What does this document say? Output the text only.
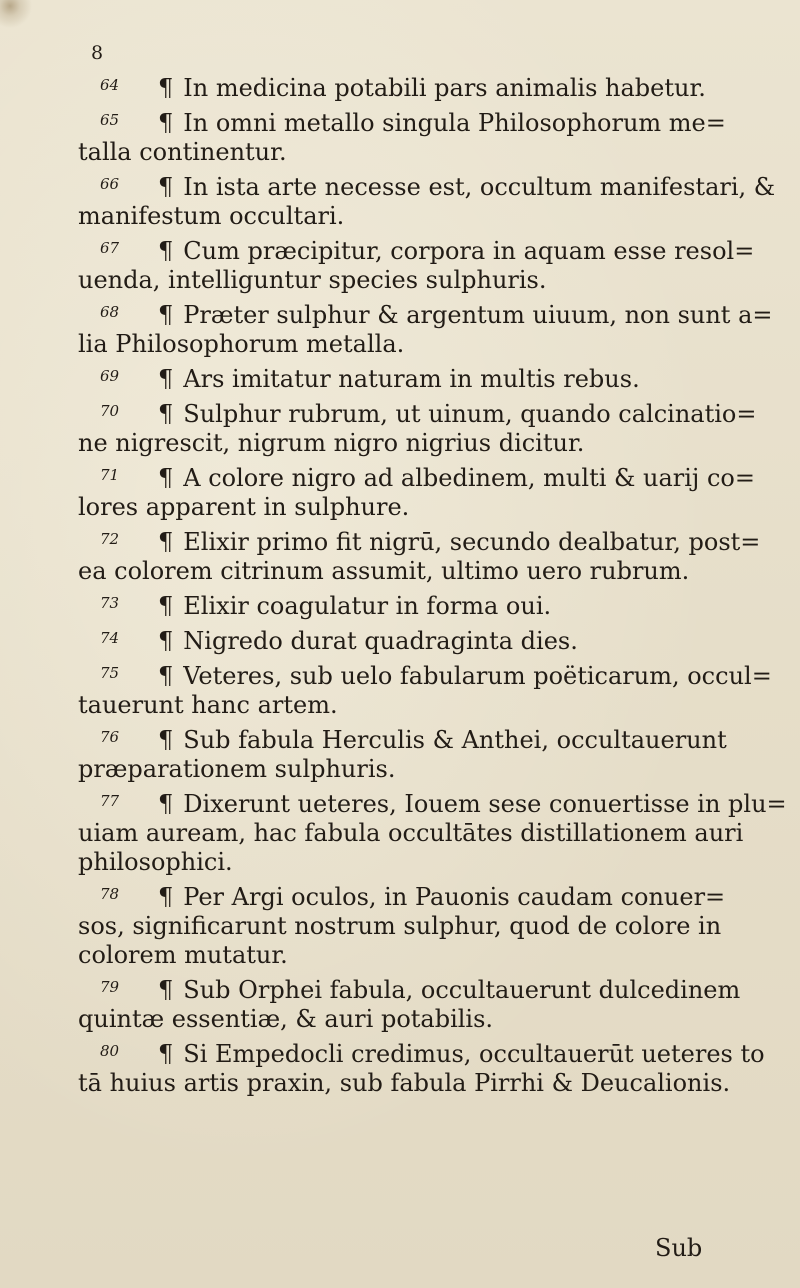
8
64	¶ In medicina potabili pars animalis habetur.
65	¶ In omni metallo singula Philosophorum me=
talla continentur.
66	¶ In ista arte necesse est, occultum manifestari, &
manifestum occultari.
67	¶ Cum præcipitur, corpora in aquam esse resol=
uenda, intelliguntur species sulphuris.
68	¶ Præter sulphur & argentum uiuum, non sunt a=
lia Philosophorum metalla.
69	¶ Ars imitatur naturam in multis rebus.
70	¶ Sulphur rubrum, ut uinum, quando calcinatio=
ne nigrescit, nigrum nigro nigrius dicitur.
71	¶ A colore nigro ad albedinem, multi & uarij co=
lores apparent in sulphure.
72	¶ Elixir primo fit nigrū, secundo dealbatur, post=
ea colorem citrinum assumit, ultimo uero rubrum.
73	¶ Elixir coagulatur in forma oui.
74	¶ Nigredo durat quadraginta dies.
75	¶ Veteres, sub uelo fabularum poëticarum, occul=
tauerunt hanc artem.
76	¶ Sub fabula Herculis & Anthei, occultauerunt
præparationem sulphuris.
77	¶ Dixerunt ueteres, Iouem sese conuertisse in plu=
uiam auream, hac fabula occultātes distillationem auri
philosophici.
78	¶ Per Argi oculos, in Pauonis caudam conuer=
sos, significarunt nostrum sulphur, quod de colore in
colorem mutatur.
79	¶ Sub Orphei fabula, occultauerunt dulcedinem
quintæ essentiæ, & auri potabilis.
80	¶ Si Empedocli credimus, occultauerūt ueteres to
tā huius artis praxin, sub fabula Pirrhi & Deucalionis.
Sub
